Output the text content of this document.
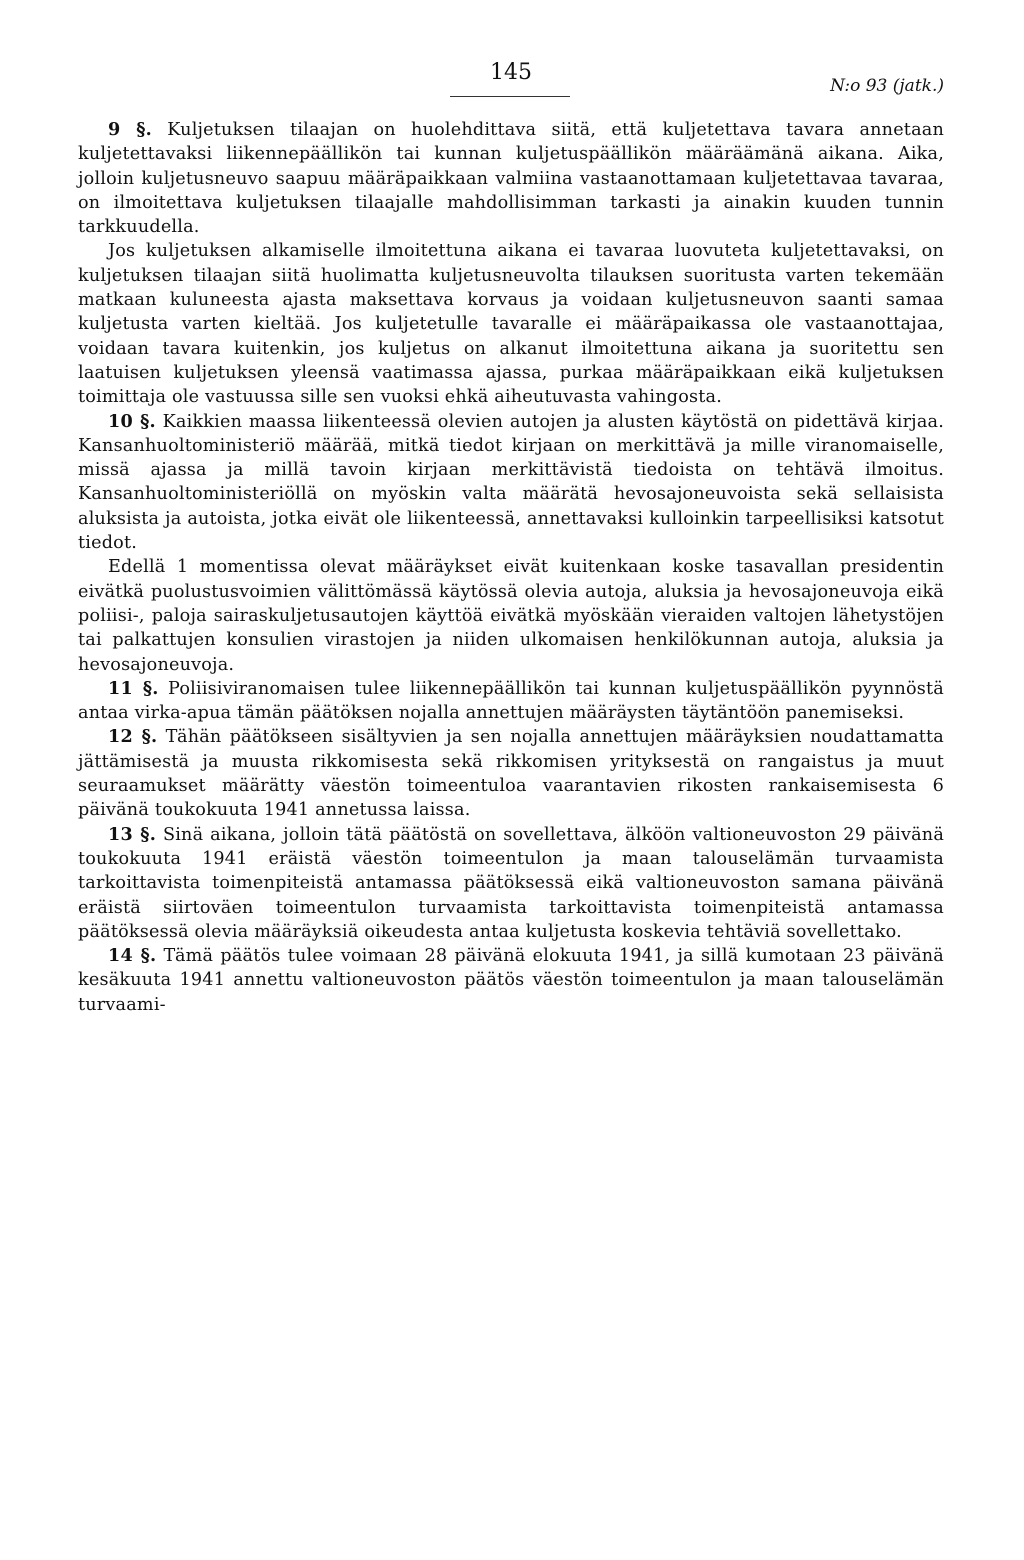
145
N:o 93 (jatk.)

9 §. Kuljetuksen tilaajan on huolehdittava siitä, että kuljetettava tavara annetaan kuljetettavaksi liikennepäällikön tai kunnan kuljetuspäällikön määräämänä aikana. Aika, jolloin kuljetusneuvo saapuu määräpaikkaan valmiina vastaanottamaan kuljetettavaa tavaraa, on ilmoitettava kuljetuksen tilaajalle mahdollisimman tarkasti ja ainakin kuuden tunnin tarkkuudella.

Jos kuljetuksen alkamiselle ilmoitettuna aikana ei tavaraa luovuteta kuljetettavaksi, on kuljetuksen tilaajan siitä huolimatta kuljetusneuvolta tilauksen suoritusta varten tekemään matkaan kuluneesta ajasta maksettava korvaus ja voidaan kuljetusneuvon saanti samaa kuljetusta varten kieltää. Jos kuljetetulle tavaralle ei määräpaikassa ole vastaanottajaa, voidaan tavara kuitenkin, jos kuljetus on alkanut ilmoitettuna aikana ja suoritettu sen laatuisen kuljetuksen yleensä vaatimassa ajassa, purkaa määräpaikkaan eikä kuljetuksen toimittaja ole vastuussa sille sen vuoksi ehkä aiheutuvasta vahingosta.

10 §. Kaikkien maassa liikenteessä olevien autojen ja alusten käytöstä on pidettävä kirjaa. Kansanhuoltoministeriö määrää, mitkä tiedot kirjaan on merkittävä ja mille viranomaiselle, missä ajassa ja millä tavoin kirjaan merkittävistä tiedoista on tehtävä ilmoitus. Kansanhuoltoministeriöllä on myöskin valta määrätä hevosajoneuvoista sekä sellaisista aluksista ja autoista, jotka eivät ole liikenteessä, annettavaksi kulloinkin tarpeellisiksi katsotut tiedot.

Edellä 1 momentissa olevat määräykset eivät kuitenkaan koske tasavallan presidentin eivätkä puolustusvoimien välittömässä käytössä olevia autoja, aluksia ja hevosajoneuvoja eikä poliisi-, paloja sairaskuljetusautojen käyttöä eivätkä myöskään vieraiden valtojen lähetystöjen tai palkattujen konsulien virastojen ja niiden ulkomaisen henkilökunnan autoja, aluksia ja hevosajoneuvoja.

11 §. Poliisiviranomaisen tulee liikennepäällikön tai kunnan kuljetuspäällikön pyynnöstä antaa virka-apua tämän päätöksen nojalla annettujen määräysten täytäntöön panemiseksi.

12 §. Tähän päätökseen sisältyvien ja sen nojalla annettujen määräyksien noudattamatta jättämisestä ja muusta rikkomisesta sekä rikkomisen yrityksestä on rangaistus ja muut seuraamukset määrätty väestön toimeentuloa vaarantavien rikosten rankaisemisesta 6 päivänä toukokuuta 1941 annetussa laissa.

13 §. Sinä aikana, jolloin tätä päätöstä on sovellettava, älköön valtioneuvoston 29 päivänä toukokuuta 1941 eräistä väestön toimeentulon ja maan talouselämän turvaamista tarkoittavista toimenpiteistä antamassa päätöksessä eikä valtioneuvoston samana päivänä eräistä siirtoväen toimeentulon turvaamista tarkoittavista toimenpiteistä antamassa päätöksessä olevia määräyksiä oikeudesta antaa kuljetusta koskevia tehtäviä sovellettako.

14 §. Tämä päätös tulee voimaan 28 päivänä elokuuta 1941, ja sillä kumotaan 23 päivänä kesäkuuta 1941 annettu valtioneuvoston päätös väestön toimeentulon ja maan talouselämän turvaami-
